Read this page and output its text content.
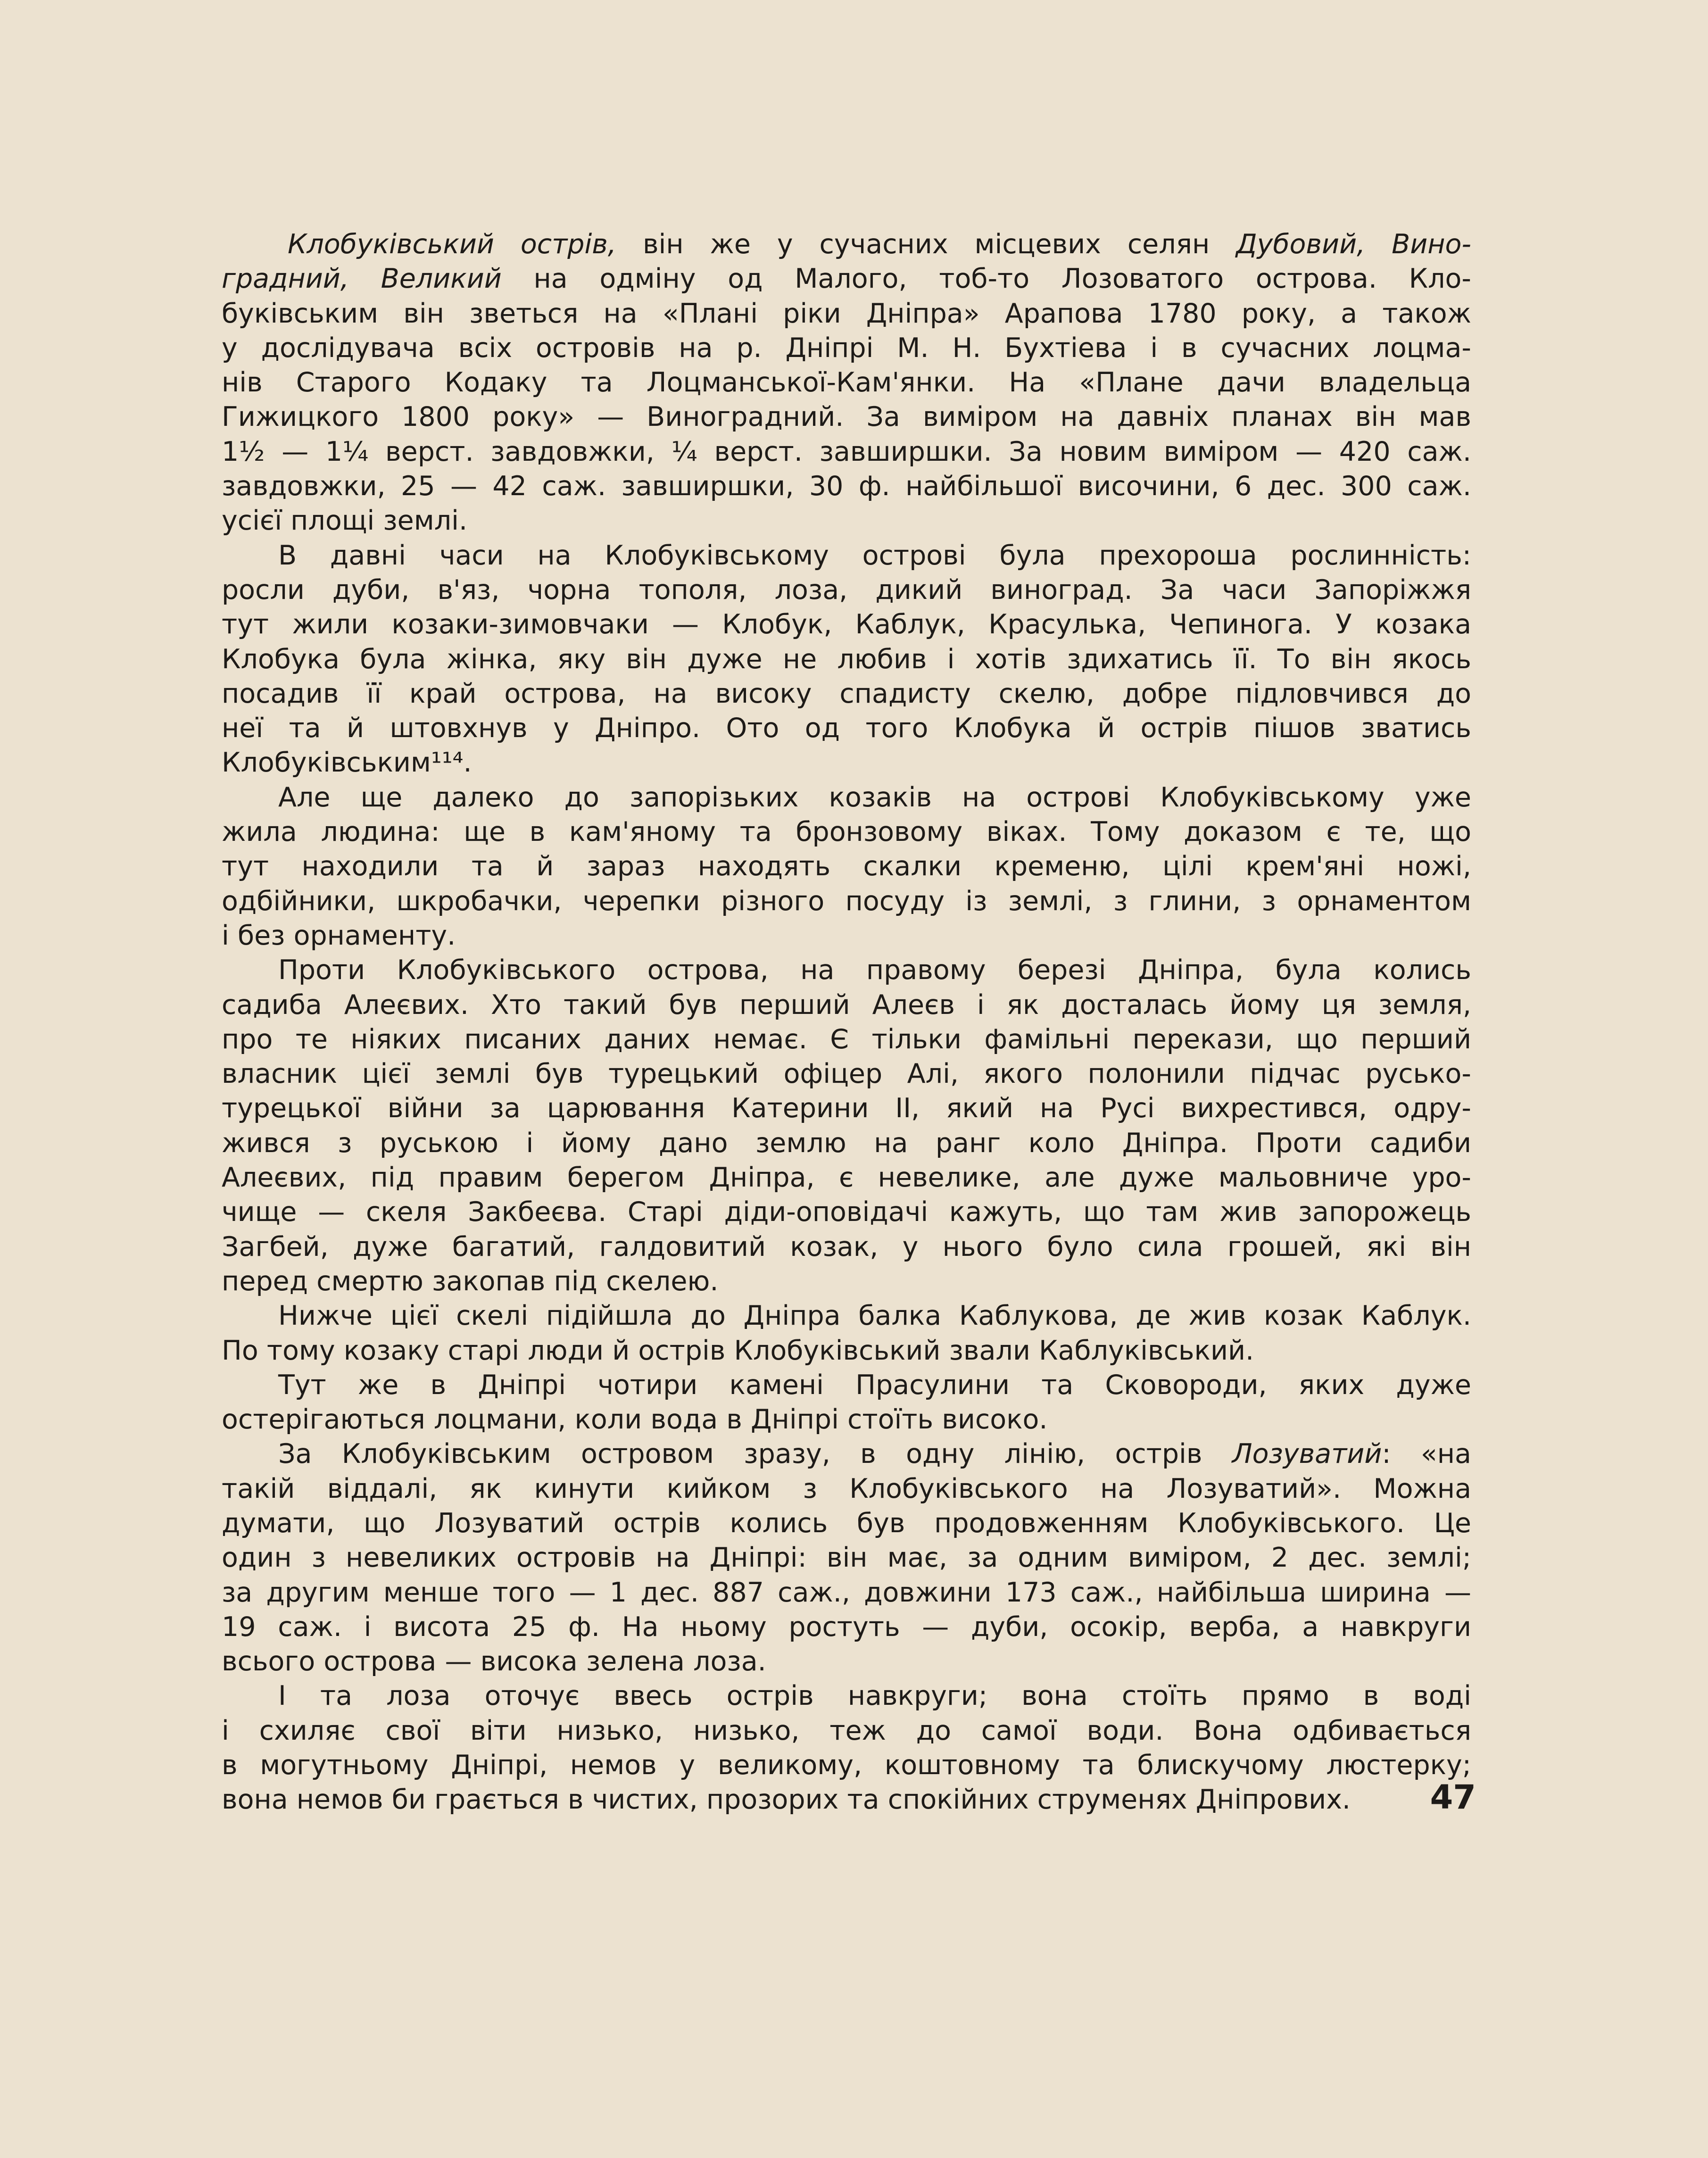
Клобуківський острів, він же у сучасних місцевих селян Дубовий, Вино-
градний, Великий на одміну од Малого, тоб-то Лозоватого острова. Кло-
буківським він зветься на «Плані ріки Дніпра» Арапова 1780 року, а також
у дослідувача всіх островів на р. Дніпрі М. Н. Бухтіева і в сучасних лоцма-
нів Старого Кодаку та Лоцманської-Кам'янки. На «Плане дачи владельца
Гижицкого 1800 року» — Виноградний. За виміром на давніх планах він мав
1½ — 1¼ верст. завдовжки, ¼ верст. завширшки. За новим виміром — 420 саж.
завдовжки, 25 — 42 саж. завширшки, 30 ф. найбільшої височини, 6 дес. 300 саж.
усієї площі землі.

В давні часи на Клобуківському острові була прехороша рослинність:
росли дуби, в'яз, чорна тополя, лоза, дикий виноград. За часи Запоріжжя
тут жили козаки-зимовчаки — Клобук, Каблук, Красулька, Чепинога. У козака
Клобука була жінка, яку він дуже не любив і хотів здихатись її. То він якось
посадив її край острова, на високу спадисту скелю, добре підловчився до
неї та й штовхнув у Дніпро. Ото од того Клобука й острів пішов зватись
Клобуківським¹¹⁴.

Але ще далеко до запорізьких козаків на острові Клобуківському уже
жила людина: ще в кам'яному та бронзовому віках. Тому доказом є те, що
тут находили та й зараз находять скалки кременю, цілі крем'яні ножі,
одбійники, шкробачки, черепки різного посуду із землі, з глини, з орнаментом
і без орнаменту.

Проти Клобуківського острова, на правому березі Дніпра, була колись
садиба Алеєвих. Хто такий був перший Алеєв і як досталась йому ця земля,
про те ніяких писаних даних немає. Є тільки фамільні перекази, що перший
власник цієї землі був турецький офіцер Алі, якого полонили підчас русько-
турецької війни за царювання Катерини II, який на Русі вихрестився, одру-
жився з руською і йому дано землю на ранг коло Дніпра. Проти садиби
Алеєвих, під правим берегом Дніпра, є невелике, але дуже мальовниче уро-
чище — скеля Закбеєва. Старі діди-оповідачі кажуть, що там жив запорожець
Загбей, дуже багатий, галдовитий козак, у нього було сила грошей, які він
перед смертю закопав під скелею.

Нижче цієї скелі підійшла до Дніпра балка Каблукова, де жив козак Каблук.
По тому козаку старі люди й острів Клобуківський звали Каблуківський.

Тут же в Дніпрі чотири камені Прасулини та Сковороди, яких дуже
остерігаються лоцмани, коли вода в Дніпрі стоїть високо.

За Клобуківським островом зразу, в одну лінію, острів Лозуватий: «на
такій віддалі, як кинути кийком з Клобуківського на Лозуватий». Можна
думати, що Лозуватий острів колись був продовженням Клобуківського. Це
один з невеликих островів на Дніпрі: він має, за одним виміром, 2 дес. землі;
за другим менше того — 1 дес. 887 саж., довжини 173 саж., найбільша ширина —
19 саж. і висота 25 ф. На ньому ростуть — дуби, осокір, верба, а навкруги
всього острова — висока зелена лоза.

І та лоза оточує ввесь острів навкруги; вона стоїть прямо в воді
і схиляє свої віти низько, низько, теж до самої води. Вона одбивається
в могутньому Дніпрі, немов у великому, коштовному та блискучому люстерку;
вона немов би грається в чистих, прозорих та спокійних струменях Дніпрових.	47
